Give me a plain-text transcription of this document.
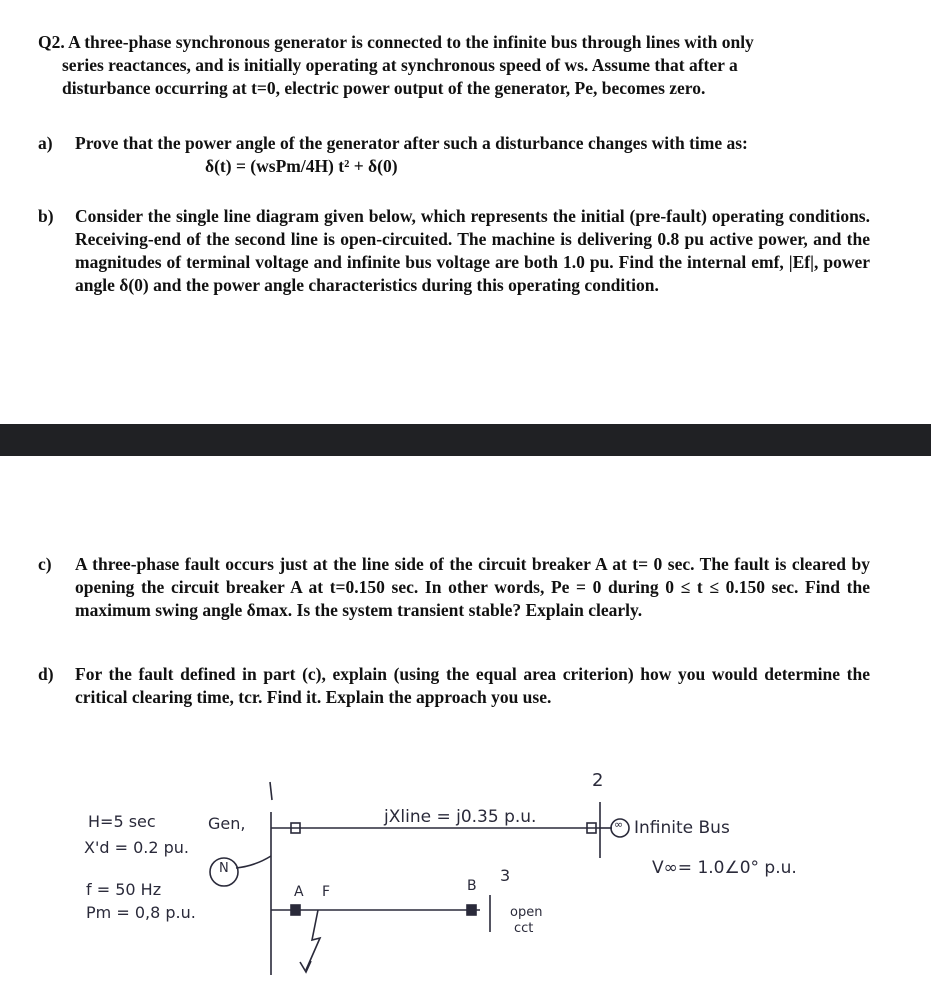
Q2. A three-phase synchronous generator is connected to the infinite bus through lines with only
series reactances, and is initially operating at synchronous speed of ws. Assume that after a
disturbance occurring at t=0, electric power output of the generator, Pe, becomes zero.
a) Prove that the power angle of the generator after such a disturbance changes with time as:
δ(t) = (wsPm/4H) t² + δ(0)
b) Consider the single line diagram given below, which represents the initial (pre-fault) operating conditions. Receiving-end of the second line is open-circuited. The machine is delivering 0.8 pu active power, and the magnitudes of terminal voltage and infinite bus voltage are both 1.0 pu. Find the internal emf, |Ef|, power angle δ(0) and the power angle characteristics during this operating condition.
c) A three-phase fault occurs just at the line side of the circuit breaker A at t= 0 sec. The fault is cleared by opening the circuit breaker A at t=0.150 sec. In other words, Pe = 0 during 0 ≤ t ≤ 0.150 sec. Find the maximum swing angle δmax. Is the system transient stable? Explain clearly.
d) For the fault defined in part (c), explain (using the equal area criterion) how you would determine the critical clearing time, tcr. Find it. Explain the approach you use.
H=5 sec
X'd = 0.2 pu.
f = 50 Hz
Pm = 0,8 p.u.
Gen,
N
2
3
jXline = j0.35 p.u.
A F	B
open
cct
∞ Infinite Bus
V∞= 1.0∠0° p.u.
